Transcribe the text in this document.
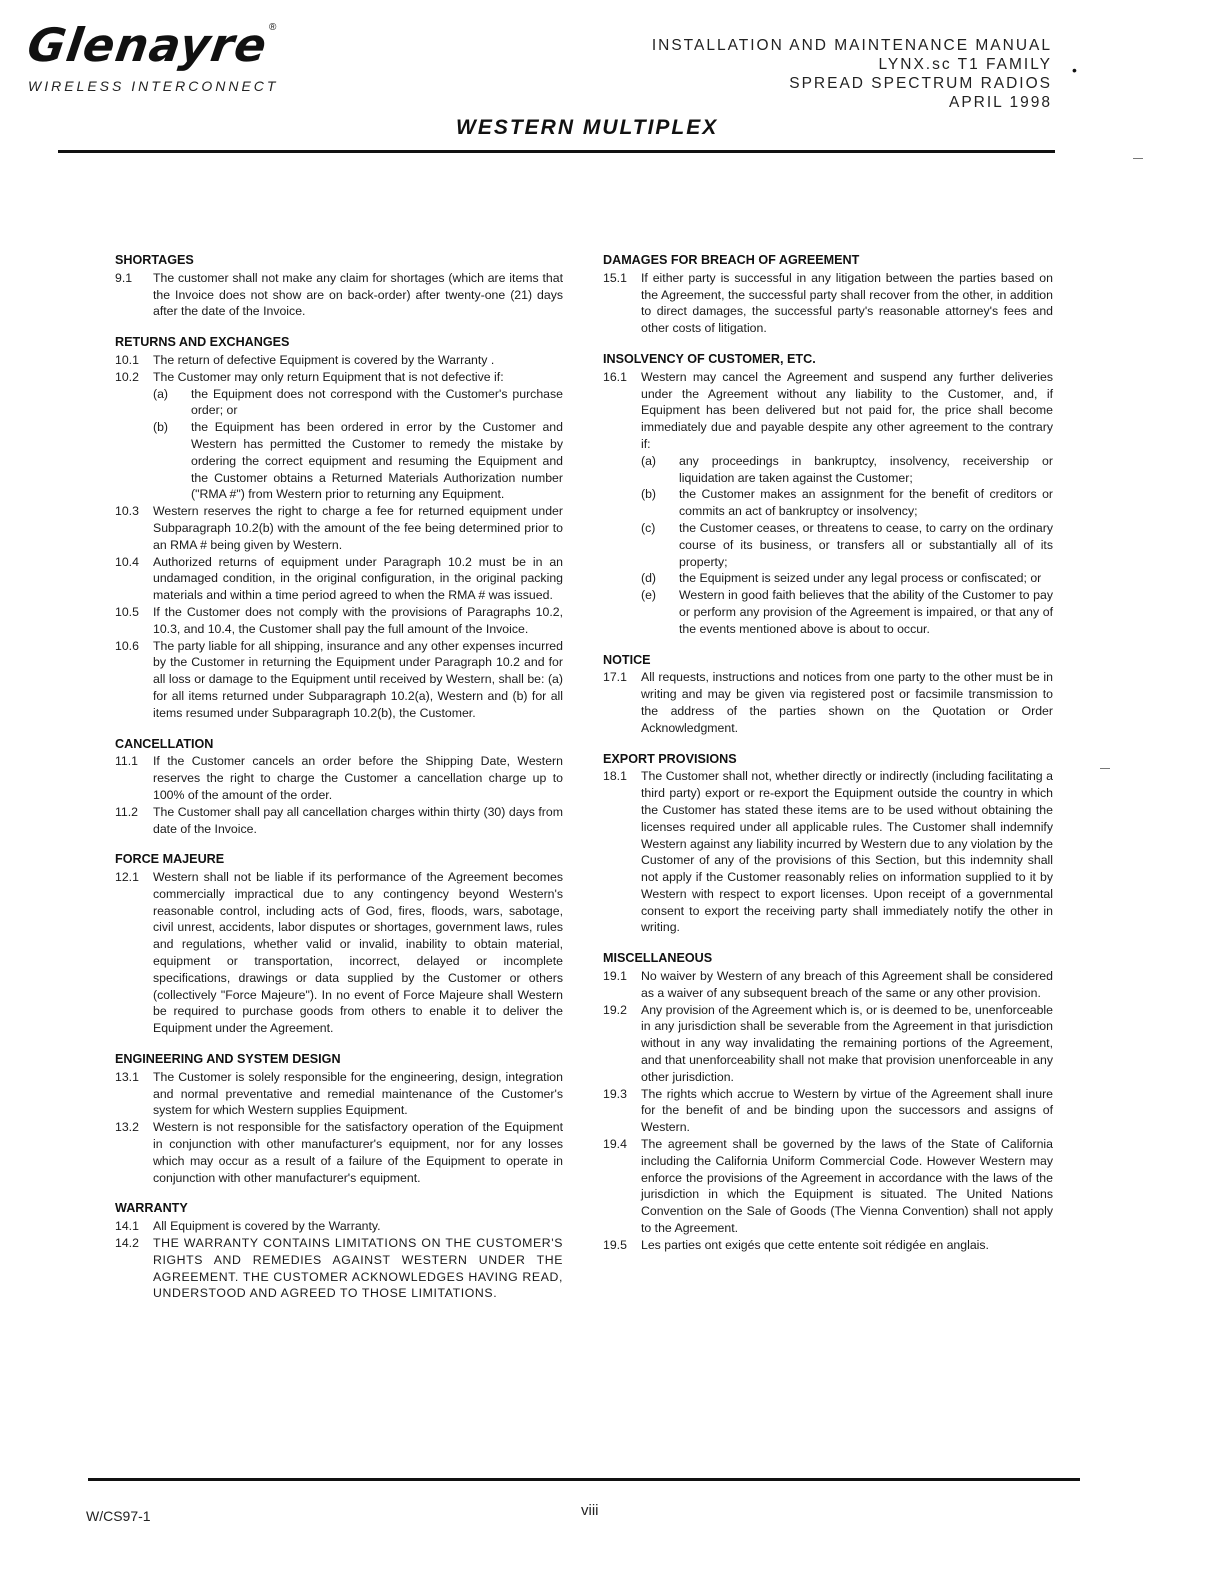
Glenayre®
WIRELESS INTERCONNECT
INSTALLATION AND MAINTENANCE MANUAL
LYNX.sc T1 FAMILY
SPREAD SPECTRUM RADIOS
APRIL 1998
•
WESTERN MULTIPLEX
SHORTAGES
9.1	The customer shall not make any claim for shortages (which are items that the Invoice does not show are on back-order) after twenty-one (21) days after the date of the Invoice.
RETURNS AND EXCHANGES
10.1	The return of defective Equipment is covered by the Warranty .
10.2	The Customer may only return Equipment that is not defective if:
(a)	the Equipment does not correspond with the Customer's purchase order; or
(b)	the Equipment has been ordered in error by the Customer and Western has permitted the Customer to remedy the mistake by ordering the correct equipment and resuming the Equipment and the Customer obtains a Returned Materials Authorization number ("RMA #") from Western prior to returning any Equipment.
10.3	Western reserves the right to charge a fee for returned equipment under Subparagraph 10.2(b) with the amount of the fee being determined prior to an RMA # being given by Western.
10.4	Authorized returns of equipment under Paragraph 10.2 must be in an undamaged condition, in the original configuration, in the original packing materials and within a time period agreed to when the RMA # was issued.
10.5	If the Customer does not comply with the provisions of Paragraphs 10.2, 10.3, and 10.4, the Customer shall pay the full amount of the Invoice.
10.6	The party liable for all shipping, insurance and any other expenses incurred by the Customer in returning the Equipment under Paragraph 10.2 and for all loss or damage to the Equipment until received by Western, shall be: (a) for all items returned under Subparagraph 10.2(a), Western and (b) for all items resumed under Subparagraph 10.2(b), the Customer.
CANCELLATION
11.1	If the Customer cancels an order before the Shipping Date, Western reserves the right to charge the Customer a cancellation charge up to 100% of the amount of the order.
11.2	The Customer shall pay all cancellation charges within thirty (30) days from date of the Invoice.
FORCE MAJEURE
12.1	Western shall not be liable if its performance of the Agreement becomes commercially impractical due to any contingency beyond Western's reasonable control, including acts of God, fires, floods, wars, sabotage, civil unrest, accidents, labor disputes or shortages, government laws, rules and regulations, whether valid or invalid, inability to obtain material, equipment or transportation, incorrect, delayed or incomplete specifications, drawings or data supplied by the Customer or others (collectively "Force Majeure"). In no event of Force Majeure shall Western be required to purchase goods from others to enable it to deliver the Equipment under the Agreement.
ENGINEERING AND SYSTEM DESIGN
13.1	The Customer is solely responsible for the engineering, design, integration and normal preventative and remedial maintenance of the Customer's system for which Western supplies Equipment.
13.2	Western is not responsible for the satisfactory operation of the Equipment in conjunction with other manufacturer's equipment, nor for any losses which may occur as a result of a failure of the Equipment to operate in conjunction with other manufacturer's equipment.
WARRANTY
14.1	All Equipment is covered by the Warranty.
14.2	THE WARRANTY CONTAINS LIMITATIONS ON THE CUSTOMER'S RIGHTS AND REMEDIES AGAINST WESTERN UNDER THE AGREEMENT. THE CUSTOMER ACKNOWLEDGES HAVING READ, UNDERSTOOD AND AGREED TO THOSE LIMITATIONS.
DAMAGES FOR BREACH OF AGREEMENT
15.1	If either party is successful in any litigation between the parties based on the Agreement, the successful party shall recover from the other, in addition to direct damages, the successful party's reasonable attorney's fees and other costs of litigation.
INSOLVENCY OF CUSTOMER, ETC.
16.1	Western may cancel the Agreement and suspend any further deliveries under the Agreement without any liability to the Customer, and, if Equipment has been delivered but not paid for, the price shall become immediately due and payable despite any other agreement to the contrary if:
(a)	any proceedings in bankruptcy, insolvency, receivership or liquidation are taken against the Customer;
(b)	the Customer makes an assignment for the benefit of creditors or commits an act of bankruptcy or insolvency;
(c)	the Customer ceases, or threatens to cease, to carry on the ordinary course of its business, or transfers all or substantially all of its property;
(d)	the Equipment is seized under any legal process or confiscated; or
(e)	Western in good faith believes that the ability of the Customer to pay or perform any provision of the Agreement is impaired, or that any of the events mentioned above is about to occur.
NOTICE
17.1	All requests, instructions and notices from one party to the other must be in writing and may be given via registered post or facsimile transmission to the address of the parties shown on the Quotation or Order Acknowledgment.
EXPORT PROVISIONS
18.1	The Customer shall not, whether directly or indirectly (including facilitating a third party) export or re-export the Equipment outside the country in which the Customer has stated these items are to be used without obtaining the licenses required under all applicable rules. The Customer shall indemnify Western against any liability incurred by Western due to any violation by the Customer of any of the provisions of this Section, but this indemnity shall not apply if the Customer reasonably relies on information supplied to it by Western with respect to export licenses. Upon receipt of a governmental consent to export the receiving party shall immediately notify the other in writing.
MISCELLANEOUS
19.1	No waiver by Western of any breach of this Agreement shall be considered as a waiver of any subsequent breach of the same or any other provision.
19.2	Any provision of the Agreement which is, or is deemed to be, unenforceable in any jurisdiction shall be severable from the Agreement in that jurisdiction without in any way invalidating the remaining portions of the Agreement, and that unenforceability shall not make that provision unenforceable in any other jurisdiction.
19.3	The rights which accrue to Western by virtue of the Agreement shall inure for the benefit of and be binding upon the successors and assigns of Western.
19.4	The agreement shall be governed by the laws of the State of California including the California Uniform Commercial Code. However Western may enforce the provisions of the Agreement in accordance with the laws of the jurisdiction in which the Equipment is situated. The United Nations Convention on the Sale of Goods (The Vienna Convention) shall not apply to the Agreement.
19.5	Les parties ont exigés que cette entente soit rédigée en anglais.
W/CS97-1	viii
